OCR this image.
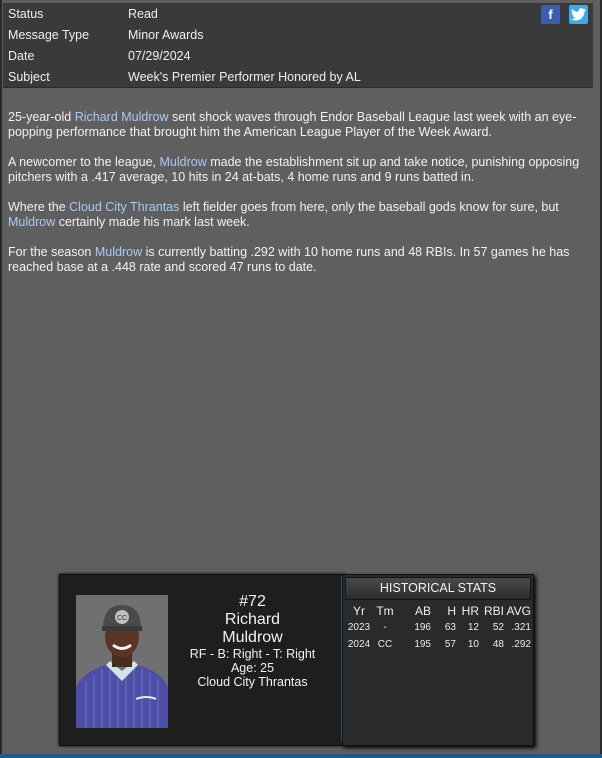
Status	Read
Message Type	Minor Awards
Date	07/29/2024
Subject	Week's Premier Performer Honored by AL
f

25-year-old Richard Muldrow sent shock waves through Endor Baseball League last week with an eye-popping performance that brought him the American League Player of the Week Award.

A newcomer to the league, Muldrow made the establishment sit up and take notice, punishing opposing pitchers with a .417 average, 10 hits in 24 at-bats, 4 home runs and 9 runs batted in.

Where the Cloud City Thrantas left fielder goes from here, only the baseball gods know for sure, but Muldrow certainly made his mark last week.

For the season Muldrow is currently batting .292 with 10 home runs and 48 RBIs. In 57 games he has reached base at a .448 rate and scored 47 runs to date.

CC
#72
Richard
Muldrow
RF - B: Right - T: Right
Age: 25
Cloud City Thrantas
HISTORICAL STATS
Yr	Tm	AB	H	HR	RBI	AVG
2023	-	196	63	12	52	.321
2024	CC	195	57	10	48	.292
